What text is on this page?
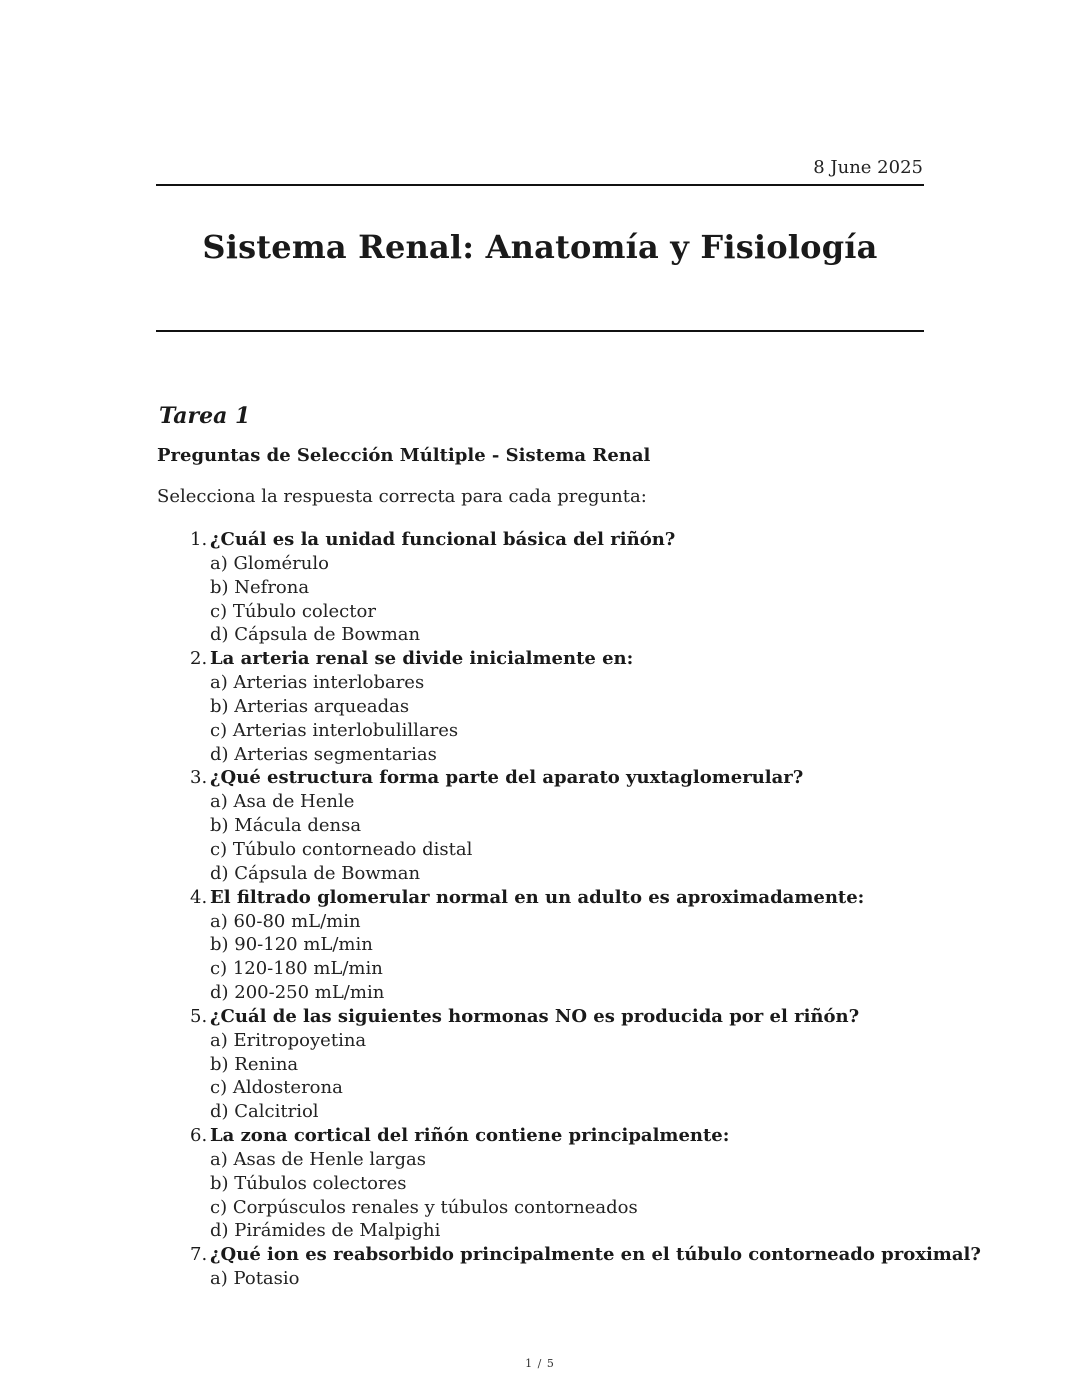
8 June 2025
Sistema Renal: Anatomía y Fisiología
Tarea 1
Preguntas de Selección Múltiple - Sistema Renal
Selecciona la respuesta correcta para cada pregunta:
1. ¿Cuál es la unidad funcional básica del riñón?
a) Glomérulo
b) Nefrona
c) Túbulo colector
d) Cápsula de Bowman
2. La arteria renal se divide inicialmente en:
a) Arterias interlobares
b) Arterias arqueadas
c) Arterias interlobulillares
d) Arterias segmentarias
3. ¿Qué estructura forma parte del aparato yuxtaglomerular?
a) Asa de Henle
b) Mácula densa
c) Túbulo contorneado distal
d) Cápsula de Bowman
4. El filtrado glomerular normal en un adulto es aproximadamente:
a) 60-80 mL/min
b) 90-120 mL/min
c) 120-180 mL/min
d) 200-250 mL/min
5. ¿Cuál de las siguientes hormonas NO es producida por el riñón?
a) Eritropoyetina
b) Renina
c) Aldosterona
d) Calcitriol
6. La zona cortical del riñón contiene principalmente:
a) Asas de Henle largas
b) Túbulos colectores
c) Corpúsculos renales y túbulos contorneados
d) Pirámides de Malpighi
7. ¿Qué ion es reabsorbido principalmente en el túbulo contorneado proximal?
a) Potasio
1 / 5
